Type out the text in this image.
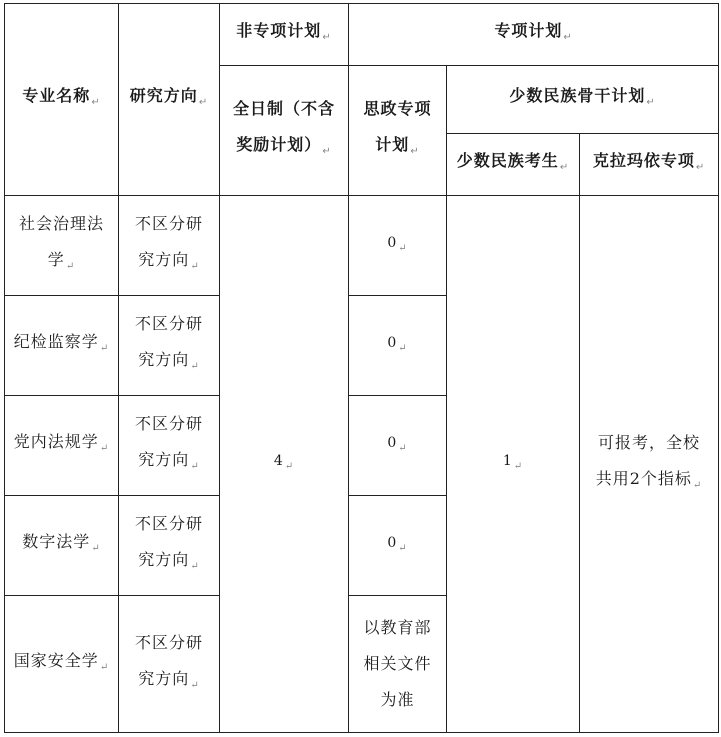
专业名称$_↵$	研究方向$_↵$	非专项计划$_↵$	专项计划$_↵$
		全日制（不含奖励计划）$_↵$	思政专项计划$_↵$	少数民族骨干计划$_↵$
				少数民族考生$_↵$	克拉玛依专项$_↵$
社会治理法学$_↵$	不区分研究方向$_↵$	$4_↵$	$0_↵$	$1_↵$	可报考，全校共用2个指标$_↵$
纪检监察学$_↵$	不区分研究方向$_↵$		$0_↵$
党内法规学$_↵$	不区分研究方向$_↵$		$0_↵$
数字法学$_↵$	不区分研究方向$_↵$		$0_↵$
国家安全学$_↵$	不区分研究方向$_↵$		以教育部相关文件为准		
